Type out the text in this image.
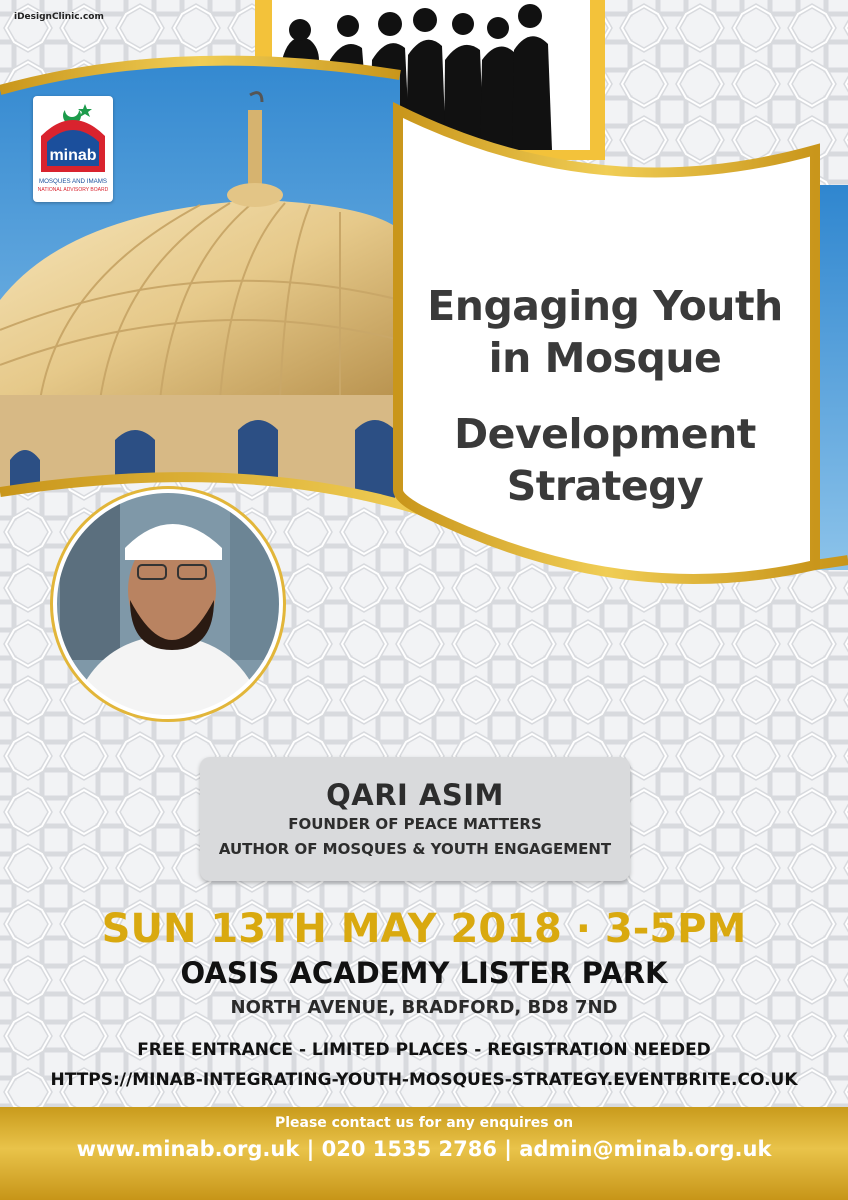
iDesignClinic.com
minab
MOSQUES AND IMAMS
NATIONAL ADVISORY BOARD
Engaging Youth
in Mosque
Development
Strategy
QARI ASIM
FOUNDER OF PEACE MATTERS
AUTHOR OF MOSQUES & YOUTH ENGAGEMENT
SUN 13TH MAY 2018 · 3-5PM
OASIS ACADEMY LISTER PARK
NORTH AVENUE, BRADFORD, BD8 7ND
FREE ENTRANCE - LIMITED PLACES - REGISTRATION NEEDED
HTTPS://MINAB-INTEGRATING-YOUTH-MOSQUES-STRATEGY.EVENTBRITE.CO.UK
Please contact us for any enquires on
www.minab.org.uk | 020 1535 2786 | admin@minab.org.uk
